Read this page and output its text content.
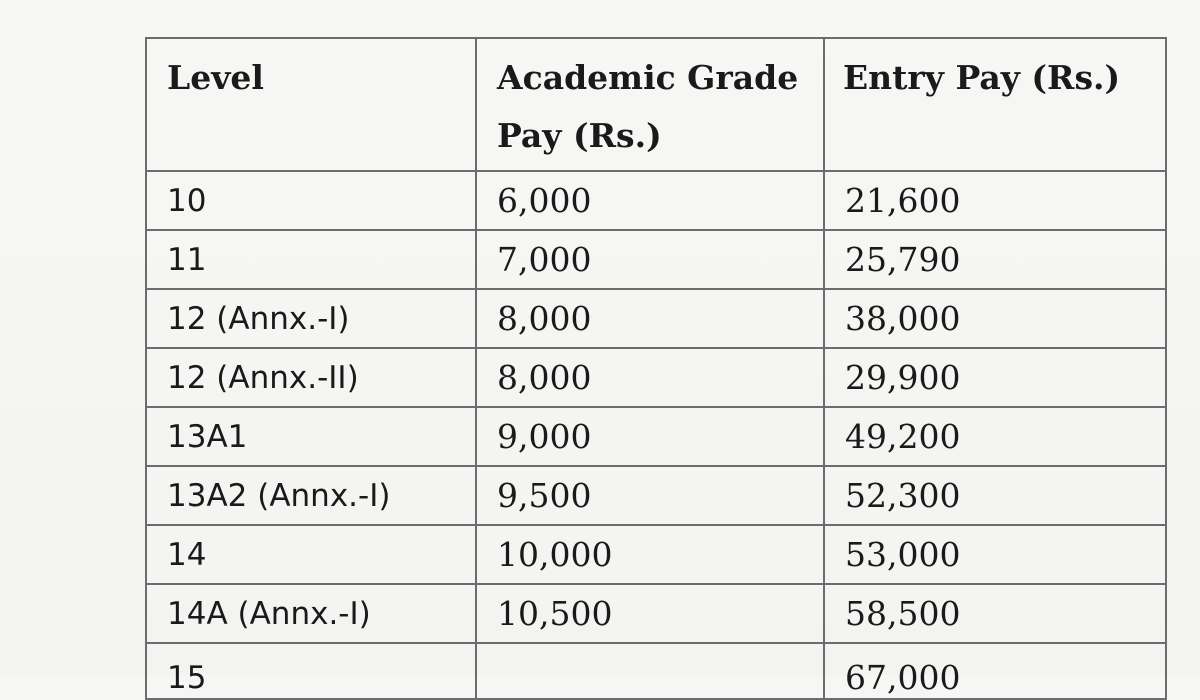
Level	Academic Grade Pay (Rs.)	Entry Pay (Rs.)
10	6,000	21,600
11	7,000	25,790
12 (Annx.-I)	8,000	38,000
12 (Annx.-II)	8,000	29,900
13A1	9,000	49,200
13A2 (Annx.-I)	9,500	52,300
14	10,000	53,000
14A (Annx.-I)	10,500	58,500

15		67,000
